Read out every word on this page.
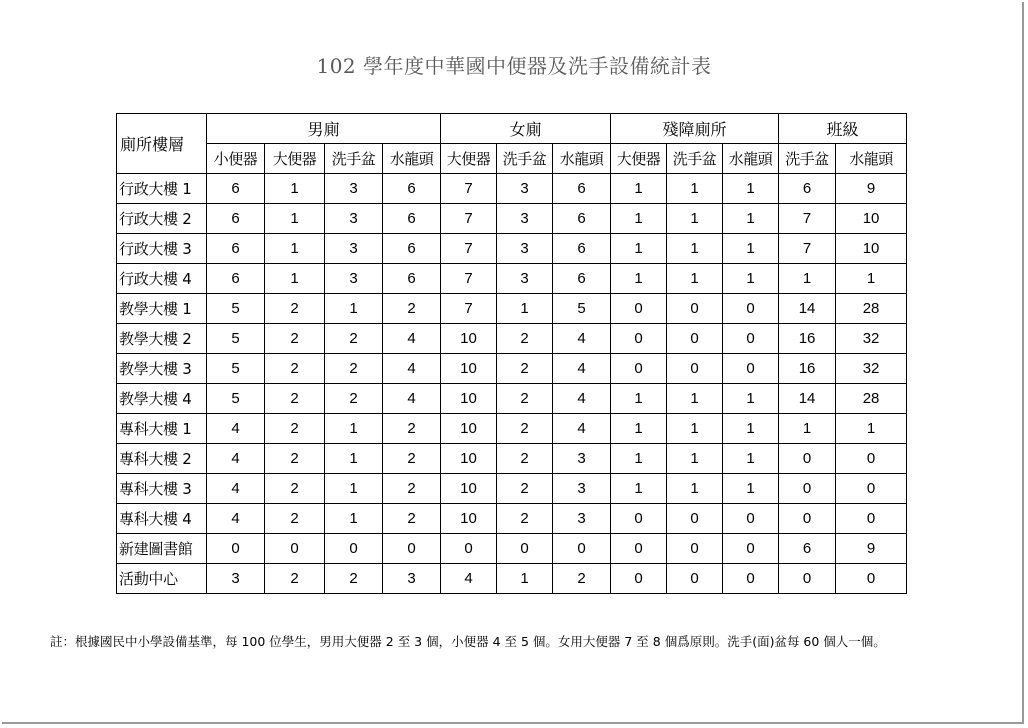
102 學年度中華國中便器及洗手設備統計表
廁所樓層	男廁				女廁			殘障廁所			班級	
	小便器	大便器	洗手盆	水龍頭	大便器	洗手盆	水龍頭	大便器	洗手盆	水龍頭	洗手盆	水龍頭
行政大樓 1	6	1	3	6	7	3	6	1	1	1	6	9
行政大樓 2	6	1	3	6	7	3	6	1	1	1	7	10
行政大樓 3	6	1	3	6	7	3	6	1	1	1	7	10
行政大樓 4	6	1	3	6	7	3	6	1	1	1	1	1
教學大樓 1	5	2	1	2	7	1	5	0	0	0	14	28
教學大樓 2	5	2	2	4	10	2	4	0	0	0	16	32
教學大樓 3	5	2	2	4	10	2	4	0	0	0	16	32
教學大樓 4	5	2	2	4	10	2	4	1	1	1	14	28
專科大樓 1	4	2	1	2	10	2	4	1	1	1	1	1
專科大樓 2	4	2	1	2	10	2	3	1	1	1	0	0
專科大樓 3	4	2	1	2	10	2	3	1	1	1	0	0
專科大樓 4	4	2	1	2	10	2	3	0	0	0	0	0
新建圖書館	0	0	0	0	0	0	0	0	0	0	6	9
活動中心	3	2	2	3	4	1	2	0	0	0	0	0
註：根據國民中小學設備基準，每 100 位學生，男用大便器 2 至 3 個，小便器 4 至 5 個。女用大便器 7 至 8 個爲原則。洗手(面)盆每 60 個人一個。
